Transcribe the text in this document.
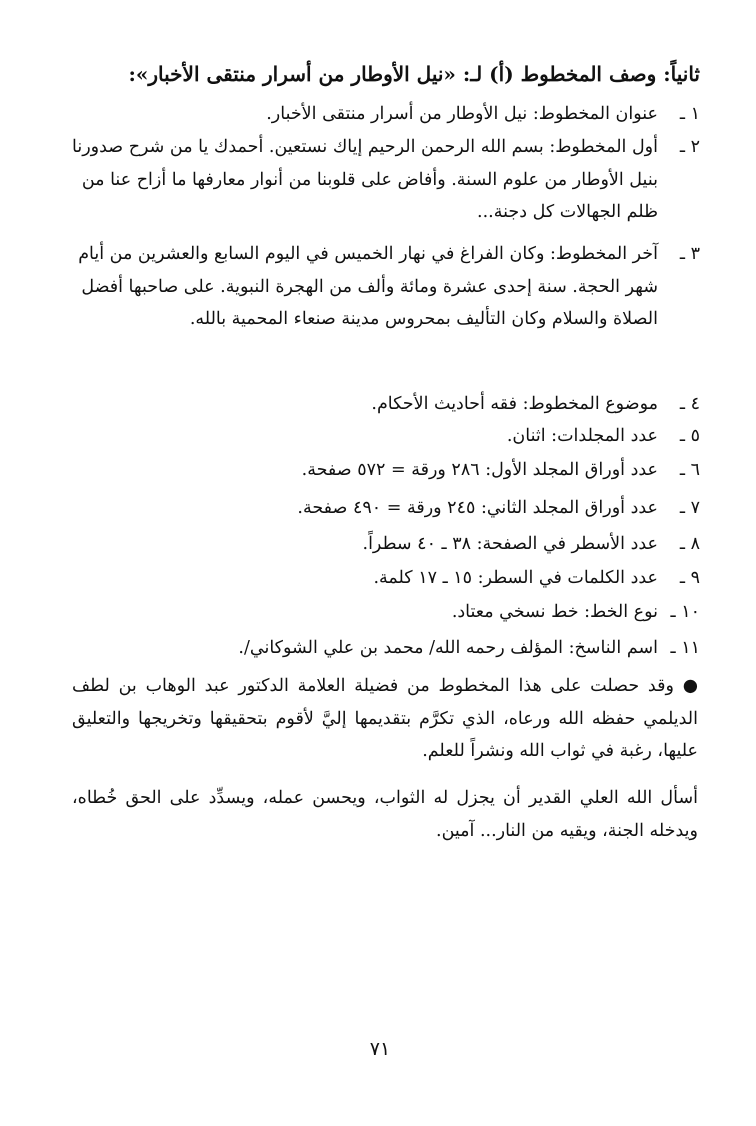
ثانياً: وصف المخطوط (أ) لـ: «نيل الأوطار من أسرار منتقى الأخبار»:
١ ـ
عنوان المخطوط: نيل الأوطار من أسرار منتقى الأخبار.
٢ ـ
أول المخطوط: بسم الله الرحمن الرحيم إياك نستعين. أحمدك يا من شرح صدورنا بنيل الأوطار من علوم السنة. وأفاض على قلوبنا من أنوار معارفها ما أزاح عنا من ظلم الجهالات كل دجنة...
٣ ـ
آخر المخطوط: وكان الفراغ في نهار الخميس في اليوم السابع والعشرين من أيام شهر الحجة. سنة إحدى عشرة ومائة وألف من الهجرة النبوية. على صاحبها أفضل الصلاة والسلام وكان التأليف بمحروس مدينة صنعاء المحمية بالله.
٤ ـ
موضوع المخطوط: فقه أحاديث الأحكام.
٥ ـ
عدد المجلدات: اثنان.
٦ ـ
عدد أوراق المجلد الأول: ٢٨٦ ورقة = ٥٧٢ صفحة.
٧ ـ
عدد أوراق المجلد الثاني: ٢٤٥ ورقة = ٤٩٠ صفحة.
٨ ـ
عدد الأسطر في الصفحة: ٣٨ ـ ٤٠ سطراً.
٩ ـ
عدد الكلمات في السطر: ١٥ ـ ١٧ كلمة.
١٠ ـ
نوع الخط: خط نسخي معتاد.
١١ ـ
اسم الناسخ: المؤلف رحمه الله/ محمد بن علي الشوكاني/.
● وقد حصلت على هذا المخطوط من فضيلة العلامة الدكتور عبد الوهاب بن لطف الديلمي حفظه الله ورعاه، الذي تكرَّم بتقديمها إليَّ لأقوم بتحقيقها وتخريجها والتعليق عليها، رغبة في ثواب الله ونشراً للعلم.
أسأل الله العلي القدير أن يجزل له الثواب، ويحسن عمله، ويسدِّد على الحق خُطاه، ويدخله الجنة، ويقيه من النار... آمين.
٧١
